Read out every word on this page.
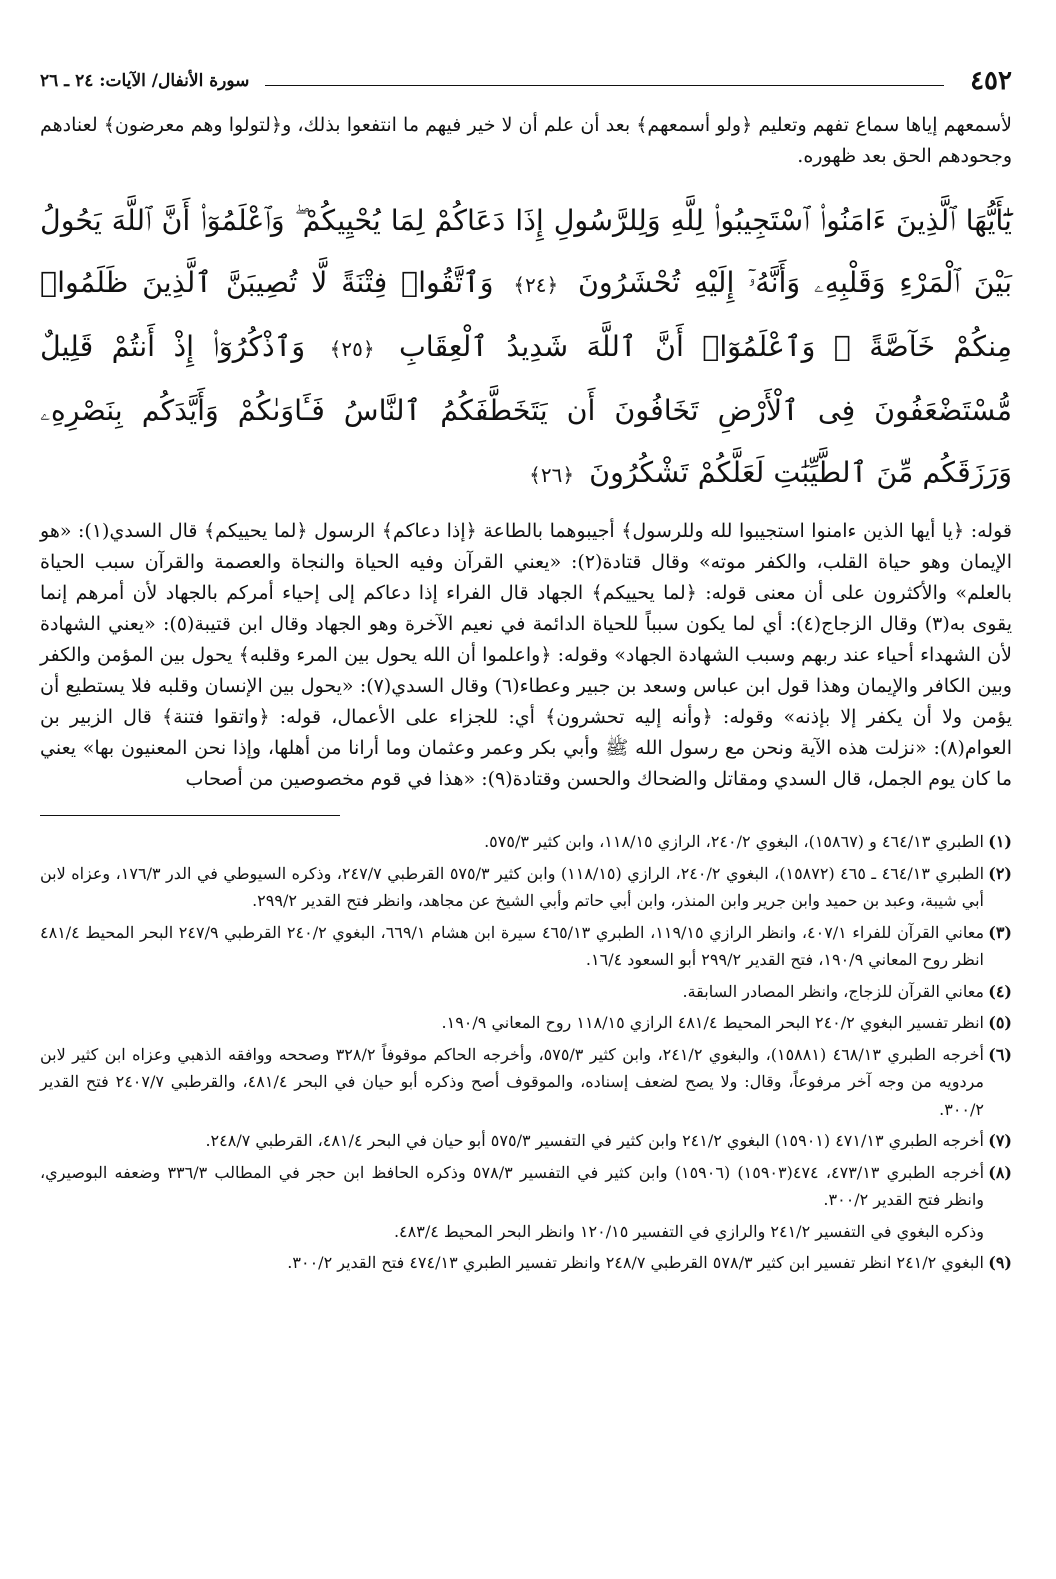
٤٥٢
سورة الأنفال/ الآيات: ٢٤ ـ ٢٦

لأسمعهم إياها سماع تفهم وتعليم ﴿ولو أسمعهم﴾ بعد أن علم أن لا خير فيهم ما انتفعوا بذلك، و﴿لتولوا وهم معرضون﴾ لعنادهم وجحودهم الحق بعد ظهوره.

يَٰٓأَيُّهَا ٱلَّذِينَ ءَامَنُوا۟ ٱسْتَجِيبُوا۟ لِلَّهِ وَلِلرَّسُولِ إِذَا دَعَاكُمْ لِمَا يُحْيِيكُمْ ۖ وَٱعْلَمُوٓا۟ أَنَّ ٱللَّهَ يَحُولُ بَيْنَ ٱلْمَرْءِ وَقَلْبِهِۦ وَأَنَّهُۥٓ إِلَيْهِ تُحْشَرُونَ ﴿٢٤﴾ وَٱتَّقُوا۟ فِتْنَةً لَّا تُصِيبَنَّ ٱلَّذِينَ ظَلَمُوا۟ مِنكُمْ خَآصَّةً ۖ وَٱعْلَمُوٓا۟ أَنَّ ٱللَّهَ شَدِيدُ ٱلْعِقَابِ ﴿٢٥﴾ وَٱذْكُرُوٓا۟ إِذْ أَنتُمْ قَلِيلٌ مُّسْتَضْعَفُونَ فِى ٱلْأَرْضِ تَخَافُونَ أَن يَتَخَطَّفَكُمُ ٱلنَّاسُ فَـَٔاوَىٰكُمْ وَأَيَّدَكُم بِنَصْرِهِۦ وَرَزَقَكُم مِّنَ ٱلطَّيِّبَٰتِ لَعَلَّكُمْ تَشْكُرُونَ ﴿٢٦﴾

قوله: ﴿يا أيها الذين ءامنوا استجيبوا لله وللرسول﴾ أجيبوهما بالطاعة ﴿إذا دعاكم﴾ الرسول ﴿لما يحييكم﴾ قال السدي(١): «هو الإيمان وهو حياة القلب، والكفر موته» وقال قتادة(٢): «يعني القرآن وفيه الحياة والنجاة والعصمة والقرآن سبب الحياة بالعلم» والأكثرون على أن معنى قوله: ﴿لما يحييكم﴾ الجهاد قال الفراء إذا دعاكم إلى إحياء أمركم بالجهاد لأن أمرهم إنما يقوى به(٣) وقال الزجاج(٤): أي لما يكون سبباً للحياة الدائمة في نعيم الآخرة وهو الجهاد وقال ابن قتيبة(٥): «يعني الشهادة لأن الشهداء أحياء عند ربهم وسبب الشهادة الجهاد» وقوله: ﴿واعلموا أن الله يحول بين المرء وقلبه﴾ يحول بين المؤمن والكفر وبين الكافر والإيمان وهذا قول ابن عباس وسعد بن جبير وعطاء(٦) وقال السدي(٧): «يحول بين الإنسان وقلبه فلا يستطيع أن يؤمن ولا أن يكفر إلا بإذنه» وقوله: ﴿وأنه إليه تحشرون﴾ أي: للجزاء على الأعمال، قوله: ﴿واتقوا فتنة﴾ قال الزبير بن العوام(٨): «نزلت هذه الآية ونحن مع رسول الله ﷺ وأبي بكر وعمر وعثمان وما أرانا من أهلها، وإذا نحن المعنيون بها» يعني ما كان يوم الجمل، قال السدي ومقاتل والضحاك والحسن وقتادة(٩): «هذا في قوم مخصوصين من أصحاب

(١)
الطبري ٤٦٤/١٣ و (١٥٨٦٧)، البغوي ٢٤٠/٢، الرازي ١١٨/١٥، وابن كثير ٥٧٥/٣.
(٢)
الطبري ٤٦٤/١٣ ـ ٤٦٥ (١٥٨٧٢)، البغوي ٢٤٠/٢، الرازي (١١٨/١٥) وابن كثير ٥٧٥/٣ القرطبي ٢٤٧/٧، وذكره السيوطي في الدر ١٧٦/٣، وعزاه لابن أبي شيبة، وعبد بن حميد وابن جرير وابن المنذر، وابن أبي حاتم وأبي الشيخ عن مجاهد، وانظر فتح القدير ٢٩٩/٢.
(٣)
معاني القرآن للفراء ٤٠٧/١، وانظر الرازي ١١٩/١٥، الطبري ٤٦٥/١٣ سيرة ابن هشام ٦٦٩/١، البغوي ٢٤٠/٢ القرطبي ٢٤٧/٩ البحر المحيط ٤٨١/٤ انظر روح المعاني ١٩٠/٩، فتح القدير ٢٩٩/٢ أبو السعود ١٦/٤.
(٤)
معاني القرآن للزجاج، وانظر المصادر السابقة.
(٥)
انظر تفسير البغوي ٢٤٠/٢ البحر المحيط ٤٨١/٤ الرازي ١١٨/١٥ روح المعاني ١٩٠/٩.
(٦)
أخرجه الطبري ٤٦٨/١٣ (١٥٨٨١)، والبغوي ٢٤١/٢، وابن كثير ٥٧٥/٣، وأخرجه الحاكم موقوفاً ٣٢٨/٢ وصححه ووافقه الذهبي وعزاه ابن كثير لابن مردويه من وجه آخر مرفوعاً، وقال: ولا يصح لضعف إسناده، والموقوف أصح وذكره أبو حيان في البحر ٤٨١/٤، والقرطبي ٢٤٠٧/٧ فتح القدير ٣٠٠/٢.
(٧)
أخرجه الطبري ٤٧١/١٣ (١٥٩٠١) البغوي ٢٤١/٢ وابن كثير في التفسير ٥٧٥/٣ أبو حيان في البحر ٤٨١/٤، القرطبي ٢٤٨/٧.
(٨)
أخرجه الطبري ٤٧٣/١٣، ٤٧٤(١٥٩٠٣) (١٥٩٠٦) وابن كثير في التفسير ٥٧٨/٣ وذكره الحافظ ابن حجر في المطالب ٣٣٦/٣ وضعفه البوصيري، وانظر فتح القدير ٣٠٠/٢.
وذكره البغوي في التفسير ٢٤١/٢ والرازي في التفسير ١٢٠/١٥ وانظر البحر المحيط ٤٨٣/٤.
(٩)
البغوي ٢٤١/٢ انظر تفسير ابن كثير ٥٧٨/٣ القرطبي ٢٤٨/٧ وانظر تفسير الطبري ٤٧٤/١٣ فتح القدير ٣٠٠/٢.
